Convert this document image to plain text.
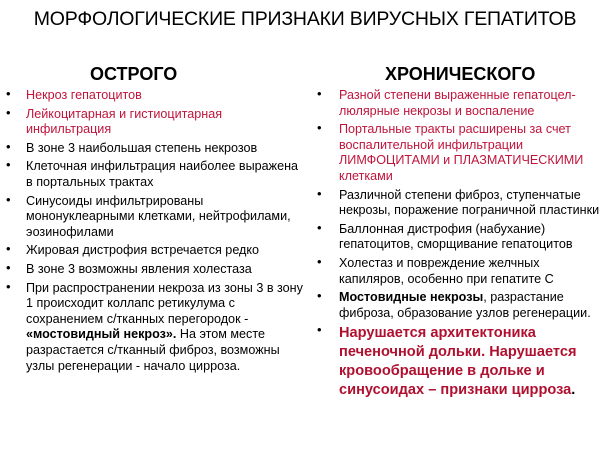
МОРФОЛОГИЧЕСКИЕ ПРИЗНАКИ ВИРУСНЫХ ГЕПАТИТОВ
ОСТРОГО	ХРОНИЧЕСКОГО
• Некроз гепатоцитов
• Лейкоцитарная и гистиоцитарная инфильтрация
• В зоне 3 наибольшая степень некрозов
• Клеточная инфильтрация наиболее выражена в портальных трактах
• Синусоиды инфильтрированы мононуклеарными клетками, нейтрофилами, эозинофилами
• Жировая дистрофия встречается редко
• В зоне 3 возможны явления холестаза
• При распространении некроза из зоны 3 в зону 1 происходит коллапс ретикулума с сохранением с/тканных перегородок - «мостовидный некроз». На этом месте разрастается с/тканный фиброз, возможны узлы регенерации - начало цирроза.
• Разной степени выраженные гепатоцел-люлярные некрозы и воспаление
• Портальные тракты расширены за счет воспалительной инфильтрации ЛИМФОЦИТАМИ и ПЛАЗМАТИЧЕСКИМИ клетками
• Различной степени фиброз, ступенчатые некрозы, поражение пограничной пластинки
• Баллонная дистрофия (набухание) гепатоцитов, сморщивание гепатоцитов
• Холестаз и повреждение желчных капиляров, особенно при гепатите С
• Мостовидные некрозы, разрастание фиброза, образование узлов регенерации.
• Нарушается архитектоника печеночной дольки. Нарушается кровообращение в дольке и синусоидах – признаки цирроза.
